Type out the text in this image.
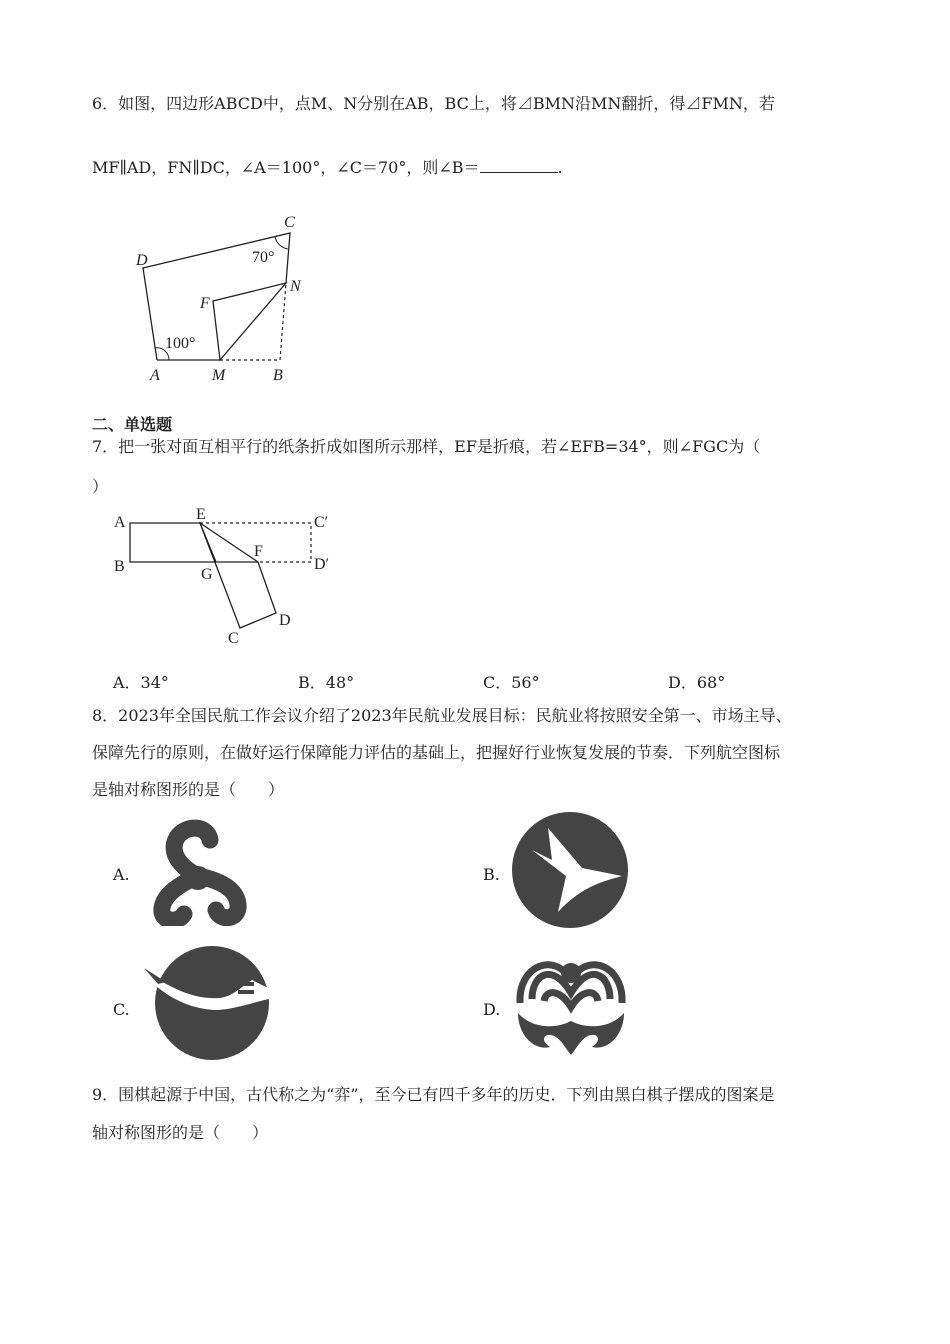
6．如图，四边形ABCD中，点M、N分别在AB，BC上，将⊿BMN沿MN翻折，得⊿FMN，若
MF∥AD，FN∥DC，∠A＝100°，∠C＝70°，则∠B＝	.
C
D
N
F
A	M	B
70°
100°
二、单选题
7．把一张对面互相平行的纸条折成如图所示那样，EF是折痕，若∠EFB=34°，则∠FGC为（
）
A	E	C′
B	G
F
D′
D
C
A．34°	B．48°	C．56°	D．68°
8．2023年全国民航工作会议介绍了2023年民航业发展目标：民航业将按照安全第一、市场主导、
保障先行的原则，在做好运行保障能力评估的基础上，把握好行业恢复发展的节奏．下列航空图标
是轴对称图形的是（　　）
A.	B.
C.	D.
9．围棋起源于中国，古代称之为“弈”，至今已有四千多年的历史．下列由黑白棋子摆成的图案是
轴对称图形的是（　　）
